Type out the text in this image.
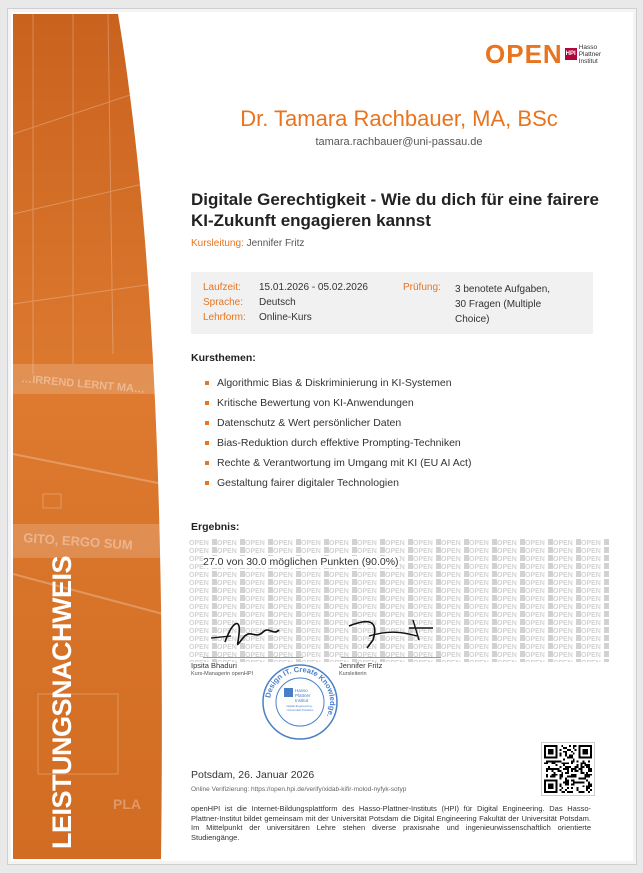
…IRREND LERNT MA…
GITO, ERGO SUM
PLA
LEISTUNGSNACHWEIS
OPEN HPI
Hasso
Plattner
Institut
Dr. Tamara Rachbauer, MA, BSc
tamara.rachbauer@uni-passau.de
Digitale Gerechtigkeit - Wie du dich für eine fairere
KI-Zukunft engagieren kannst
Kursleitung: Jennifer Fritz
Laufzeit: 15.01.2026 - 05.02.2026
Sprache: Deutsch
Lehrform: Online-Kurs
Prüfung: 3 benotete Aufgaben,
30 Fragen (Multiple
Choice)
Kursthemen:
Algorithmic Bias & Diskriminierung in KI-Systemen
Kritische Bewertung von KI-Anwendungen
Datenschutz & Wert persönlicher Daten
Bias-Reduktion durch effektive Prompting-Techniken
Rechte & Verantwortung im Umgang mit KI (EU AI Act)
Gestaltung fairer digitaler Technologien
Ergebnis:
27.0 von 30.0 möglichen Punkten (90.0%)
Ipsita Bhaduri
Kurs-Managerin openHPI
Jennifer Fritz
Kursleiterin
Design IT. Create Knowledge.
Hasso
Plattner
Institut
Digital Engineering · Universität Potsdam
Potsdam, 26. Januar 2026
Online Verifizierung: https://open.hpi.de/verify/xidab-kifir-molod-nyfyk-sotyp
openHPI ist die Internet-Bildungsplattform des Hasso-Plattner-Instituts (HPI) für Digital Engineering. Das Hasso-Plattner-Institut bildet gemeinsam mit der Universität Potsdam die Digital Engineering Fakultät der Universität Potsdam. Im Mittelpunkt der universitären Lehre stehen diverse praxisnahe und ingenieurwissenschaftlich orientierte Studiengänge.
